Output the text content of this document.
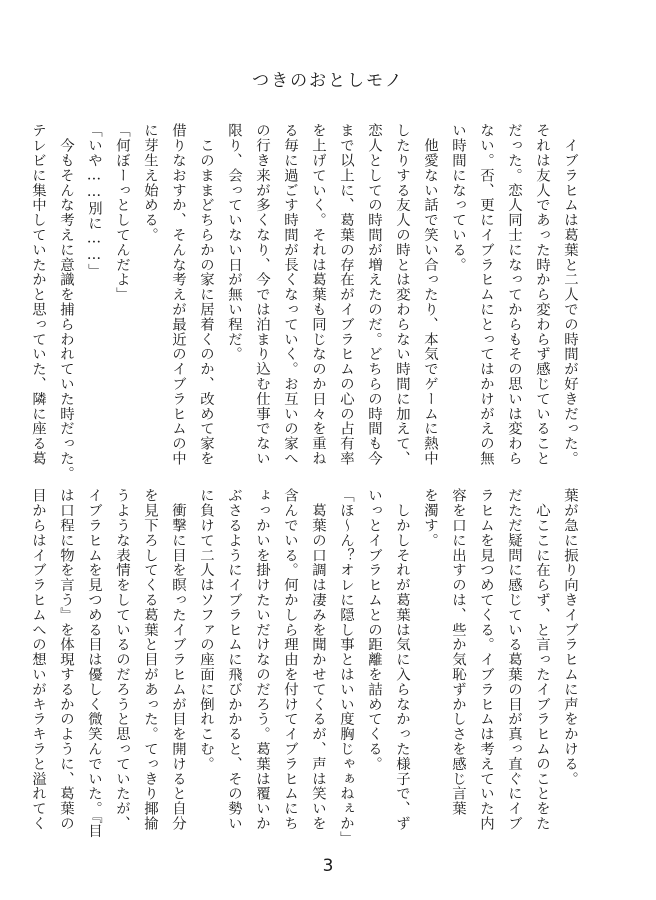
つきのおとしモノ

　イブラヒムは葛葉と二人での時間が好きだった。

それは友人であった時から変わらず感じていること

だった。恋人同士になってからもその思いは変わら

ない。否、更にイブラヒムにとってはかけがえの無

い時間になっている。

　他愛ない話で笑い合ったり、本気でゲームに熱中

したりする友人の時とは変わらない時間に加えて、

恋人としての時間が増えたのだ。どちらの時間も今

まで以上に、葛葉の存在がイブラヒムの心の占有率

を上げていく。それは葛葉も同じなのか日々を重ね

る毎に過ごす時間が長くなっていく。お互いの家へ

の行き来が多くなり、今では泊まり込む仕事でない

限り、会っていない日が無い程だ。

　このままどちらかの家に居着くのか、改めて家を

借りなおすか、そんな考えが最近のイブラヒムの中

に芽生え始める。

「何ぼーっとしてんだよ」

「いや……別に……」

　今もそんな考えに意識を捕らわれていた時だった。

テレビに集中していたかと思っていた、隣に座る葛

葉が急に振り向きイブラヒムに声をかける。

　心ここに在らず、と言ったイブラヒムのことをた

だただ疑問に感じている葛葉の目が真っ直ぐにイブ

ラヒムを見つめてくる。イブラヒムは考えていた内

容を口に出すのは、些か気恥ずかしさを感じ言葉

を濁す。

　しかしそれが葛葉は気に入らなかった様子で、ず

いっとイブラヒムとの距離を詰めてくる。

「ほ～ん？オレに隠し事とはいい度胸じゃぁねぇか」

　葛葉の口調は凄みを聞かせてくるが、声は笑いを

含んでいる。何かしら理由を付けてイブラヒムにち

ょっかいを掛けたいだけなのだろう。葛葉は覆いか

ぶさるようにイブラヒムに飛びかかると、その勢い

に負けて二人はソファの座面に倒れこむ。

　衝撃に目を瞑ったイブラヒムが目を開けると自分

を見下ろしてくる葛葉と目があった。てっきり揶揄

うような表情をしているのだろうと思っていたが、

イブラヒムを見つめる目は優しく微笑んでいた。『目

は口程に物を言う』を体現するかのように、葛葉の

目からはイブラヒムへの想いがキラキラと溢れてく

3
